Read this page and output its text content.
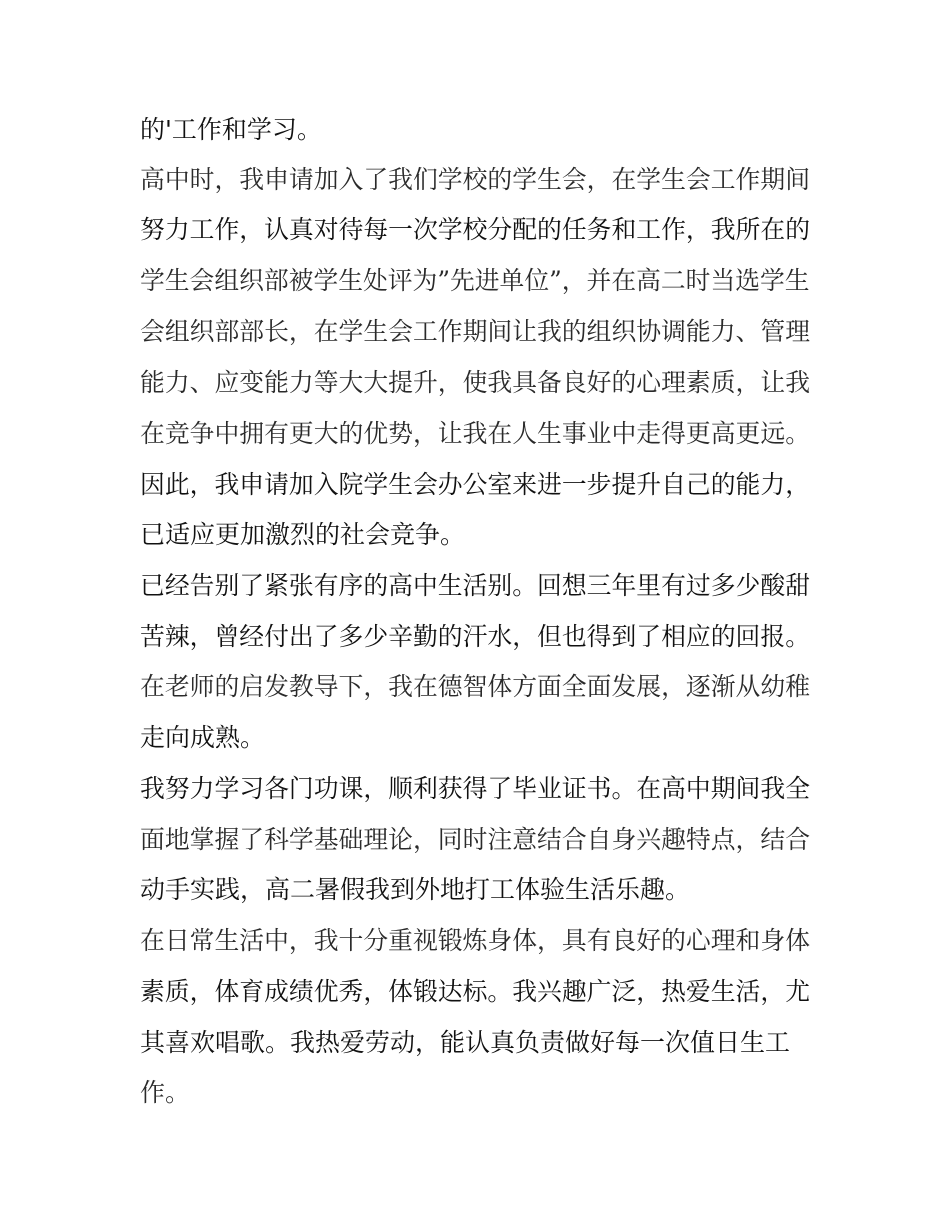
的'工作和学习。
高中时，我申请加入了我们学校的学生会，在学生会工作期间
努力工作，认真对待每一次学校分配的任务和工作，我所在的
学生会组织部被学生处评为”先进单位”，并在高二时当选学生
会组织部部长，在学生会工作期间让我的组织协调能力、管理
能力、应变能力等大大提升，使我具备良好的心理素质，让我
在竞争中拥有更大的优势，让我在人生事业中走得更高更远。
因此，我申请加入院学生会办公室来进一步提升自己的能力，
已适应更加激烈的社会竞争。
已经告别了紧张有序的高中生活别。回想三年里有过多少酸甜
苦辣，曾经付出了多少辛勤的汗水，但也得到了相应的回报。
在老师的启发教导下，我在德智体方面全面发展，逐渐从幼稚
走向成熟。
我努力学习各门功课，顺利获得了毕业证书。在高中期间我全
面地掌握了科学基础理论，同时注意结合自身兴趣特点，结合
动手实践，高二暑假我到外地打工体验生活乐趣。
在日常生活中，我十分重视锻炼身体，具有良好的心理和身体
素质，体育成绩优秀，体锻达标。我兴趣广泛，热爱生活，尤
其喜欢唱歌。我热爱劳动，能认真负责做好每一次值日生工
作。
